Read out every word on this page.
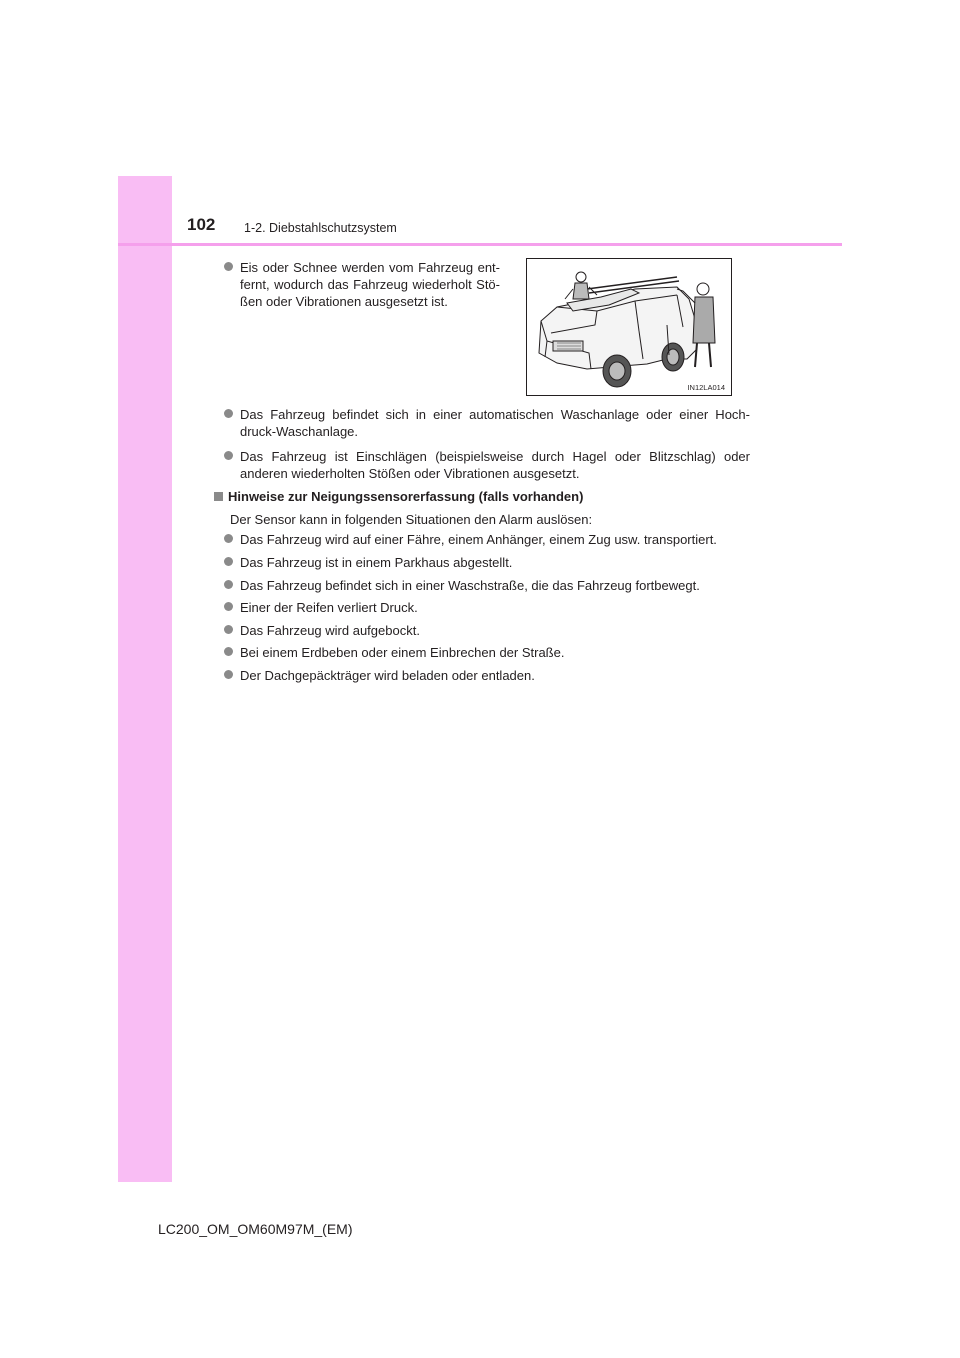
102 1-2. Diebstahlschutzsystem
Eis oder Schnee werden vom Fahrzeug ent-
fernt, wodurch das Fahrzeug wiederholt Stö-
ßen oder Vibrationen ausgesetzt ist.
IN12LA014
Das Fahrzeug befindet sich in einer automatischen Waschanlage oder einer Hoch-
druck-Waschanlage.
Das Fahrzeug ist Einschlägen (beispielsweise durch Hagel oder Blitzschlag) oder
anderen wiederholten Stößen oder Vibrationen ausgesetzt.
Hinweise zur Neigungssensorerfassung (falls vorhanden)
Der Sensor kann in folgenden Situationen den Alarm auslösen:
Das Fahrzeug wird auf einer Fähre, einem Anhänger, einem Zug usw. transportiert.
Das Fahrzeug ist in einem Parkhaus abgestellt.
Das Fahrzeug befindet sich in einer Waschstraße, die das Fahrzeug fortbewegt.
Einer der Reifen verliert Druck.
Das Fahrzeug wird aufgebockt.
Bei einem Erdbeben oder einem Einbrechen der Straße.
Der Dachgepäckträger wird beladen oder entladen.
LC200_OM_OM60M97M_(EM)
